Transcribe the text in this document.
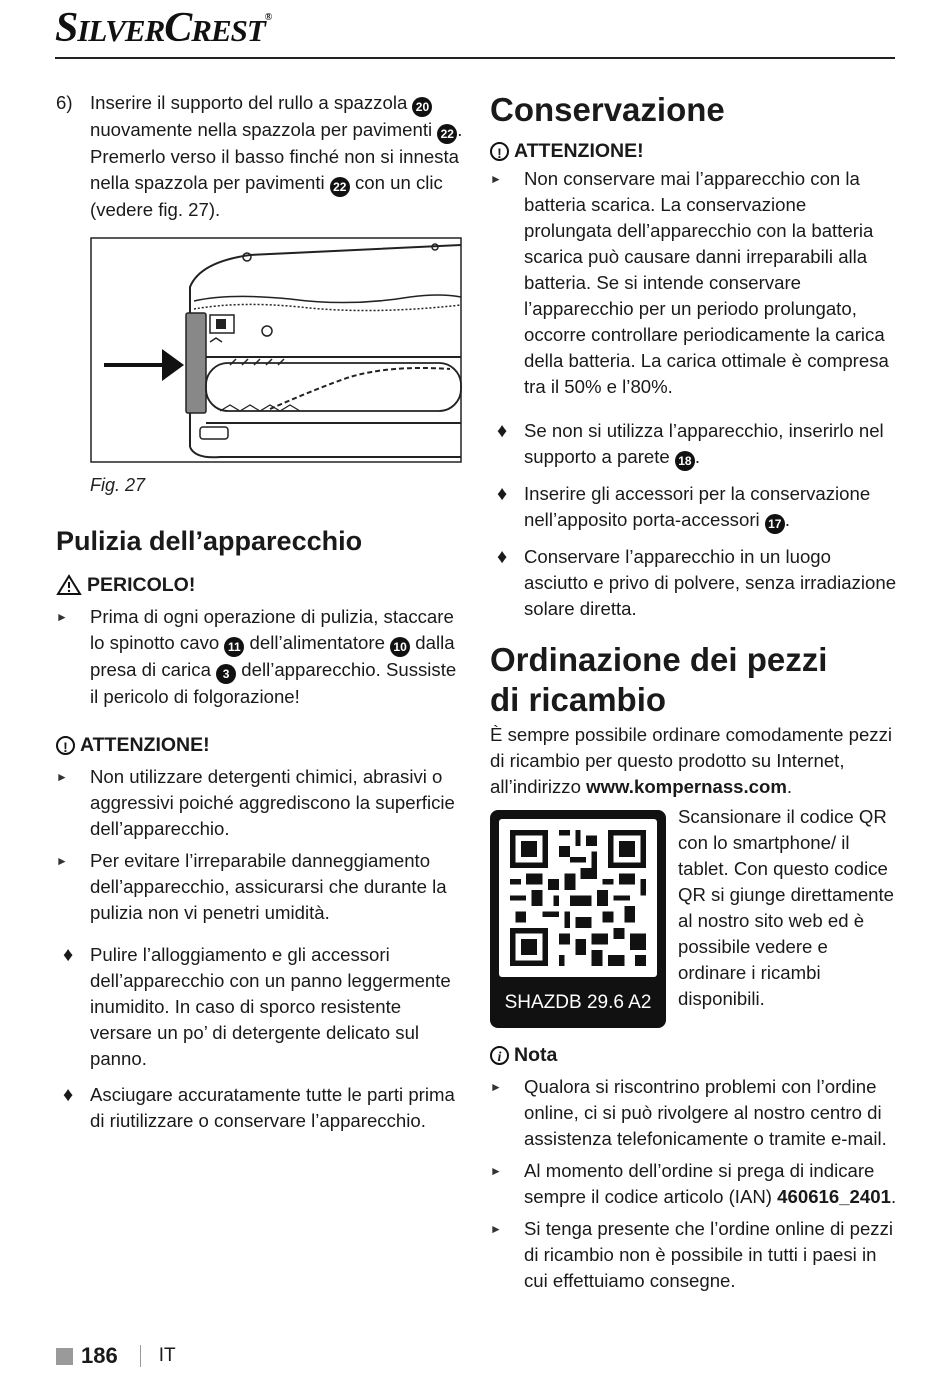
SILVERCREST®
6) Inserire il supporto del rullo a spazzola 20 nuovamente nella spazzola per pavimenti 22 . Premerlo verso il basso finché non si innesta nella spazzola per pavimenti 22 con un clic (vedere fig. 27).

Fig. 27

Pulizia dell’apparecchio
PERICOLO!
►	Prima di ogni operazione di pulizia, staccare lo spinotto cavo 11 dell’alimentatore 10 dalla presa di carica 3 dell’apparecchio. Sussiste il pericolo di folgorazione!

! ATTENZIONE!
►	Non utilizzare detergenti chimici, abrasivi o aggressivi poiché aggrediscono la superficie dell’apparecchio.

►	Per evitare l’irreparabile danneggiamento dell’apparecchio, assicurarsi che durante la pulizia non vi penetri umidità.

♦ Pulire l’alloggiamento e gli accessori dell’apparecchio con un panno leggermente inumidito. In caso di sporco resistente versare un po’ di detergente delicato sul panno.

♦ Asciugare accuratamente tutte le parti prima di riutilizzare o conservare l’apparecchio.

Conservazione
! ATTENZIONE!
►	Non conservare mai l’apparecchio con la batteria scarica. La conservazione prolungata dell’apparecchio con la batteria scarica può causare danni irreparabili alla batteria. Se si intende conservare l’apparecchio per un periodo prolungato, occorre controllare periodicamente la carica della batteria. La carica ottimale è compresa tra il 50% e l’80%.

♦ Se non si utilizza l’apparecchio, inserirlo nel supporto a parete 18 .

♦ Inserire gli accessori per la conservazione nell’apposito porta-accessori 17 .

♦ Conservare l’apparecchio in un luogo asciutto e privo di polvere, senza irradiazione solare diretta.

Ordinazione dei pezzi
di ricambio

È sempre possibile ordinare comodamente pezzi di ricambio per questo prodotto su Internet, all’indirizzo www.kompernass.com.

SHAZDB 29.6 A2

Scansionare il codice QR con lo smartphone/ il tablet. Con questo codice QR si giunge direttamente al nostro sito web ed è possibile vedere e ordinare i ricambi disponibili.

i Nota
►	Qualora si riscontrino problemi con l’ordine online, ci si può rivolgere al nostro centro di assistenza telefonicamente o tramite e-mail.

►	Al momento dell’ordine si prega di indicare sempre il codice articolo (IAN) 460616_2401.

►	Si tenga presente che l’ordine online di pezzi di ricambio non è possibile in tutti i paesi in cui effettuiamo consegne.

186 IT
